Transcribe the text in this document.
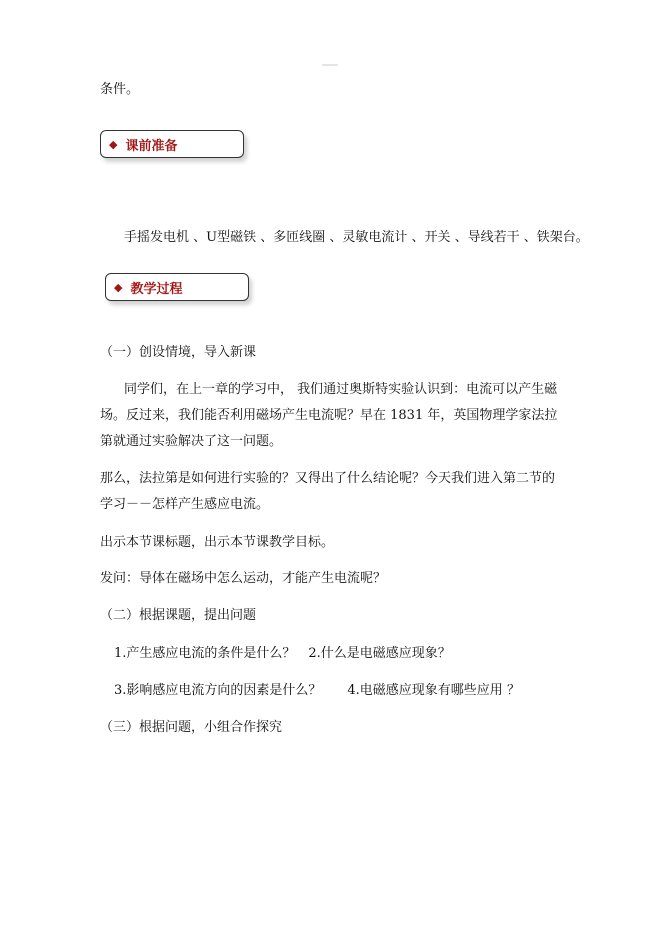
条件。

◆ 课前准备

手摇发电机 、U型磁铁 、多匝线圈 、灵敏电流计 、开关 、导线若干 、铁架台。

◆ 教学过程

（一）创设情境，导入新课

同学们，在上一章的学习中， 我们通过奥斯特实验认识到：电流可以产生磁

场。反过来，我们能否利用磁场产生电流呢？早在 1831 年，英国物理学家法拉

第就通过实验解决了这一问题。

那么，法拉第是如何进行实验的？又得出了什么结论呢？今天我们进入第二节的

学习－－怎样产生感应电流。

出示本节课标题，出示本节课教学目标。

发问：导体在磁场中怎么运动，才能产生电流呢？

（二）根据课题，提出问题

1.产生感应电流的条件是什么？　2.什么是电磁感应现象？

3.影响感应电流方向的因素是什么？　　4.电磁感应现象有哪些应用 ？

（三）根据问题，小组合作探究
